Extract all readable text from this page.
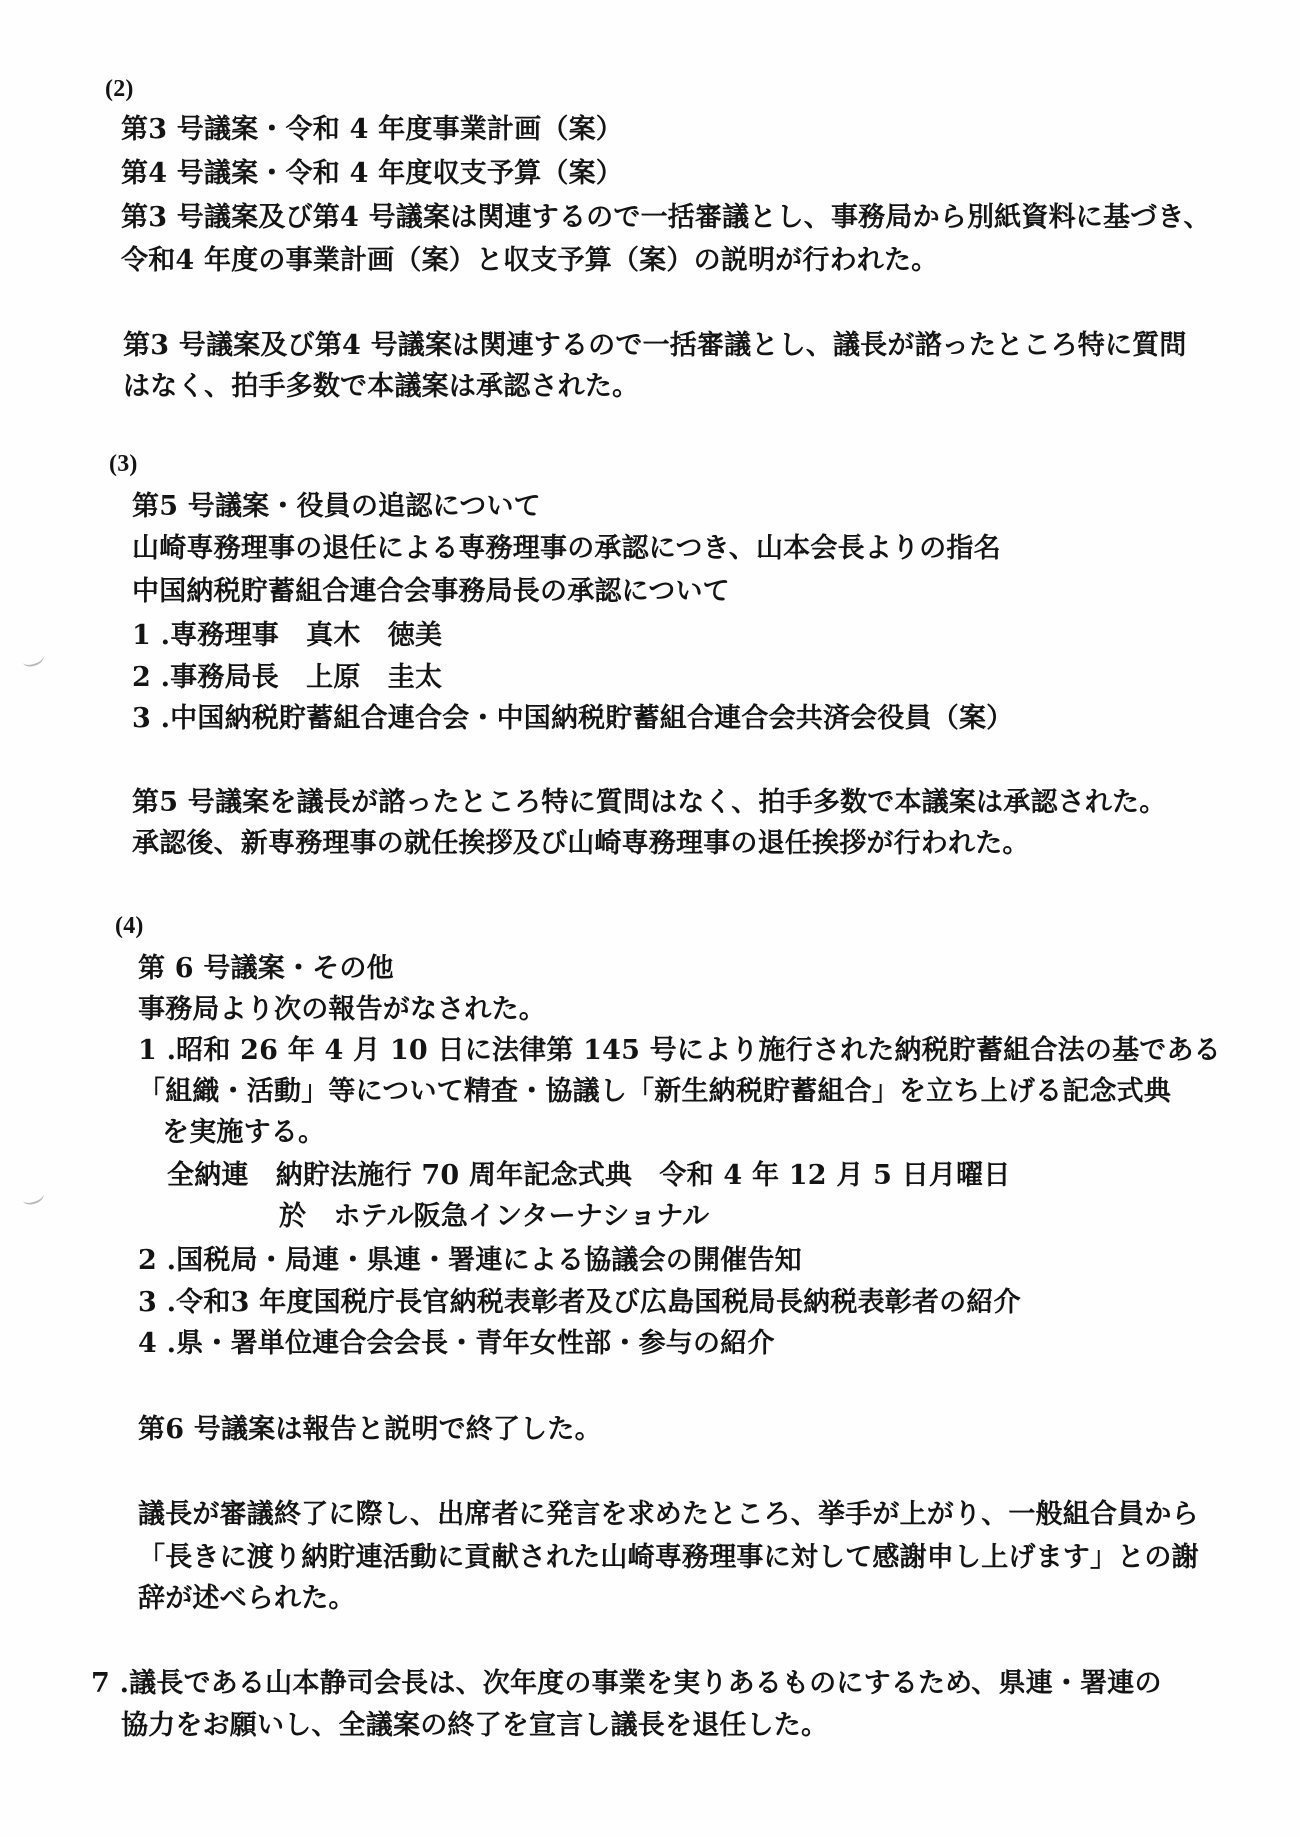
(2)
第3 号議案・令和 4 年度事業計画（案）
第4 号議案・令和 4 年度収支予算（案）
第3 号議案及び第4 号議案は関連するので一括審議とし、事務局から別紙資料に基づき、
令和4 年度の事業計画（案）と収支予算（案）の説明が行われた。
第3 号議案及び第4 号議案は関連するので一括審議とし、議長が諮ったところ特に質問
はなく、拍手多数で本議案は承認された。
(3)
第5 号議案・役員の追認について
山崎専務理事の退任による専務理事の承認につき、山本会長よりの指名
中国納税貯蓄組合連合会事務局長の承認について
1 .専務理事　真木　徳美
2 .事務局長　上原　圭太
3 .中国納税貯蓄組合連合会・中国納税貯蓄組合連合会共済会役員（案）
第5 号議案を議長が諮ったところ特に質問はなく、拍手多数で本議案は承認された。
承認後、新専務理事の就任挨拶及び山崎専務理事の退任挨拶が行われた。
(4)
第 6 号議案・その他
事務局より次の報告がなされた。
1 .昭和 26 年 4 月 10 日に法律第 145 号により施行された納税貯蓄組合法の基である
「組織・活動」等について精査・協議し「新生納税貯蓄組合」を立ち上げる記念式典
を実施する。
全納連　納貯法施行 70 周年記念式典　令和 4 年 12 月 5 日月曜日
於　ホテル阪急インターナショナル
2 .国税局・局連・県連・署連による協議会の開催告知
3 .令和3 年度国税庁長官納税表彰者及び広島国税局長納税表彰者の紹介
4 .県・署単位連合会会長・青年女性部・参与の紹介
第6 号議案は報告と説明で終了した。
議長が審議終了に際し、出席者に発言を求めたところ、挙手が上がり、一般組合員から
「長きに渡り納貯連活動に貢献された山崎専務理事に対して感謝申し上げます」との謝
辞が述べられた。
7 .議長である山本静司会長は、次年度の事業を実りあるものにするため、県連・署連の
協力をお願いし、全議案の終了を宣言し議長を退任した。
